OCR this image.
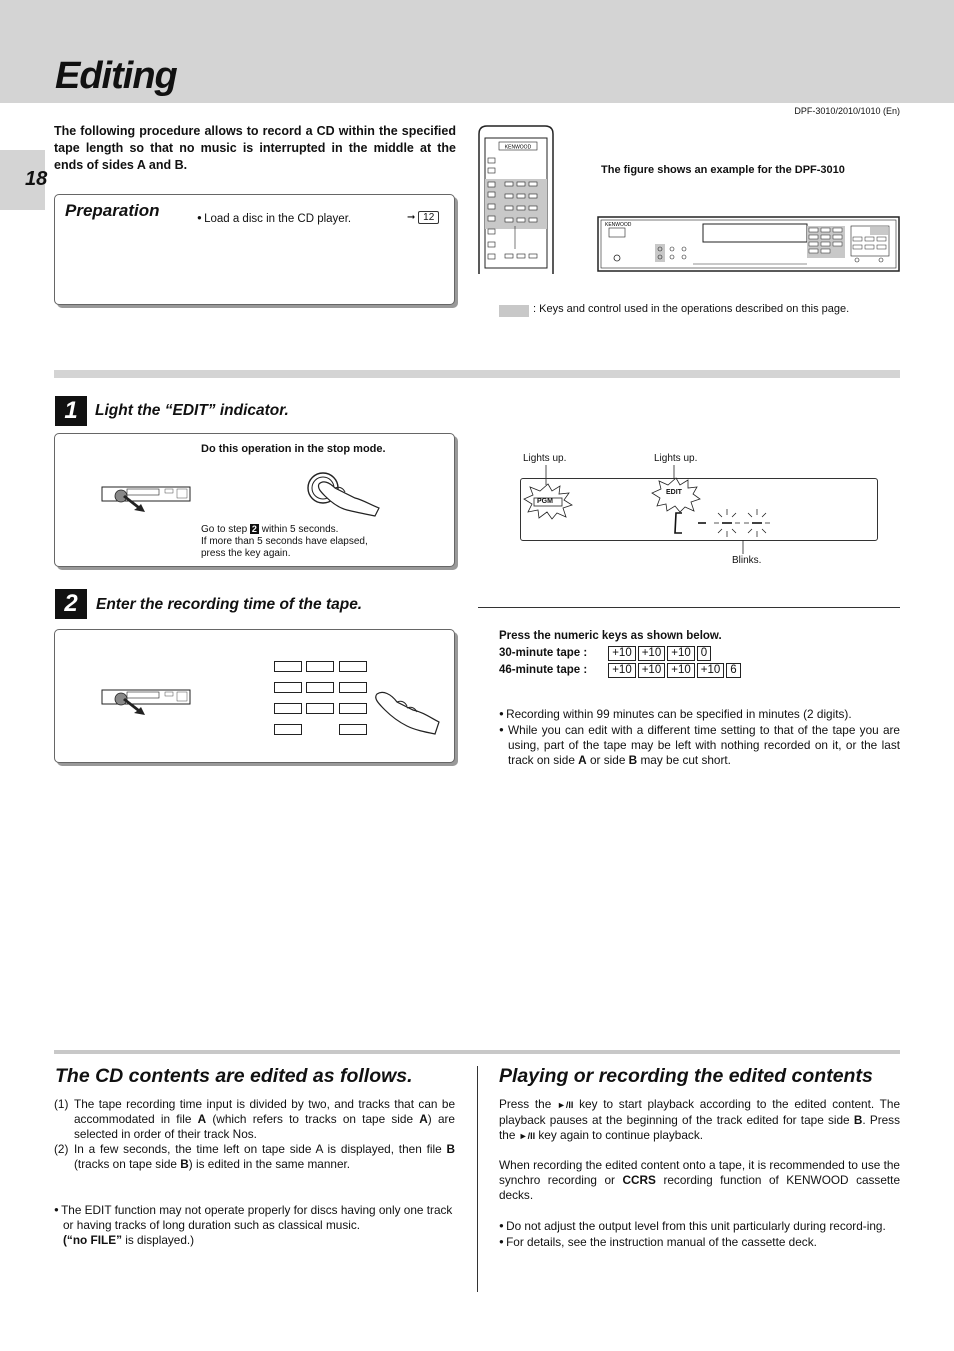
Editing
DPF-3010/2010/1010 (En)
18
The following procedure allows to record a CD within the specified tape length so that no music is interrupted in the middle at the ends of sides A and B.
Preparation
●	Load a disc in the CD player.	➞ 12
KENWOOD
The figure shows an example for the DPF-3010
KENWOOD
: Keys and control used in the operations described on this page.
1	Light the “EDIT” indicator.
Do this operation in the stop mode.
Go to step 2 within 5 seconds.
If more than 5 seconds have elapsed,
press the key again.
Lights up.	Lights up.
PGM
EDIT
Blinks.
2	Enter the recording time of the tape.
Press the numeric keys as shown below.
30-minute tape : +10 +10 +10 0
46-minute tape : +10 +10 +10 +10 6
● Recording within 99 minutes can be specified in minutes (2 digits).
● While you can edit with a different time setting to that of the tape you are using, part of the tape may be left with nothing recorded on it, or the last track on side A or side B may be cut short.
The CD contents are edited as follows.
(1) The tape recording time input is divided by two, and tracks that can be accommodated in file A (which refers to tracks on tape side A) are selected in order of their track Nos.
(2) In a few seconds, the time left on tape side A is displayed, then file B (tracks on tape side B) is edited in the same manner.
● The EDIT function may not operate properly for discs having only one track or having tracks of long duration such as classical music.
(“no FILE” is displayed.)
Playing or recording the edited contents
Press the ►/II key to start playback according to the edited content. The playback pauses at the beginning of the track edited for tape side B. Press the ►/II key again to continue playback.
When recording the edited content onto a tape, it is recommended to use the synchro recording or CCRS recording function of KENWOOD cassette decks.
● Do not adjust the output level from this unit particularly during record-ing.
● For details, see the instruction manual of the cassette deck.
